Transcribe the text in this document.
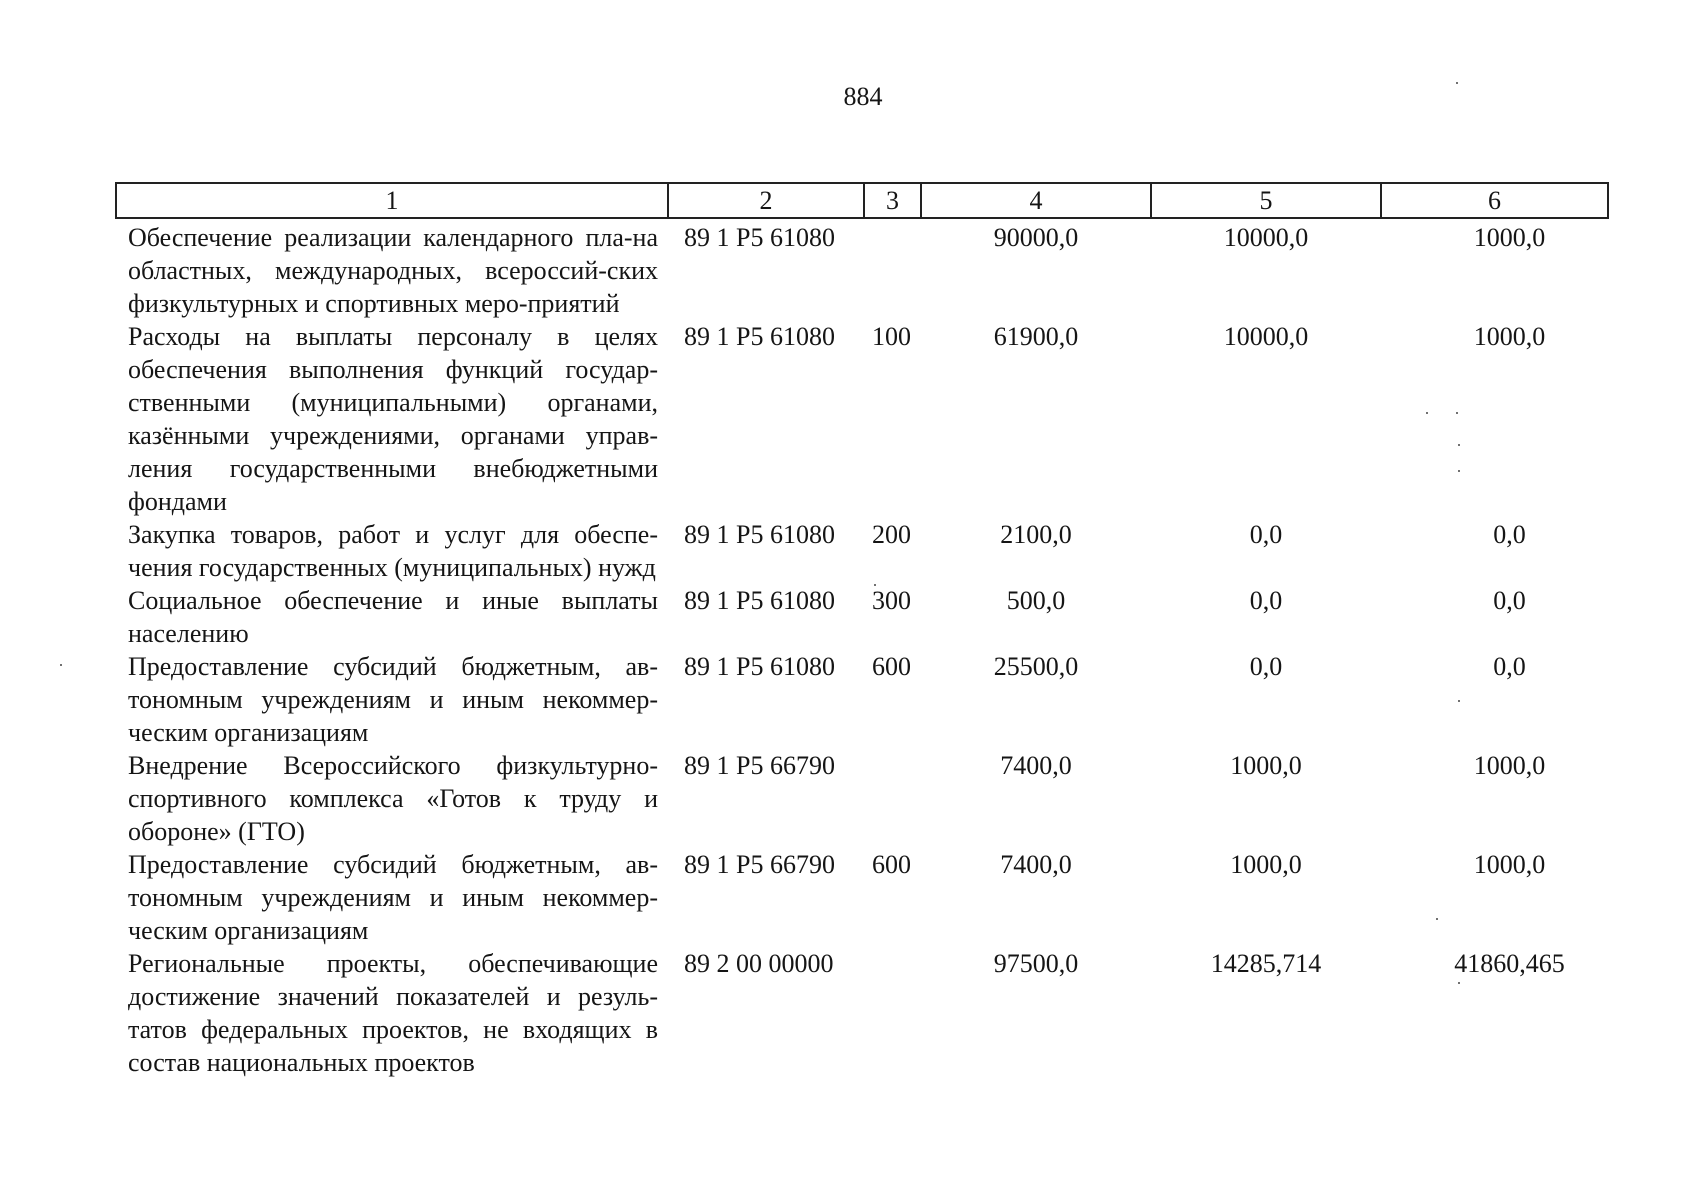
884
1	2	3	4	5	6
Обеспечение реализации календарного пла-на областных, международных, всероссий-ских физкультурных и спортивных меро-приятий	89 1 P5 61080		90000,0	10000,0	1000,0
Расходы на выплаты персоналу в целях обеспечения выполнения функций государ-ственными (муниципальными) органами, казёнными учреждениями, органами управ-ления государственными внебюджетными фондами	89 1 P5 61080	100	61900,0	10000,0	1000,0
Закупка товаров, работ и услуг для обеспе-чения государственных (муниципальных) нужд	89 1 P5 61080	200	2100,0	0,0	0,0
Социальное обеспечение и иные выплаты населению	89 1 P5 61080	300	500,0	0,0	0,0
Предоставление субсидий бюджетным, ав-тономным учреждениям и иным некоммер-ческим организациям	89 1 P5 61080	600	25500,0	0,0	0,0
Внедрение Всероссийского физкультурно-спортивного комплекса «Готов к труду и обороне» (ГТО)	89 1 P5 66790		7400,0	1000,0	1000,0
Предоставление субсидий бюджетным, ав-тономным учреждениям и иным некоммер-ческим организациям	89 1 P5 66790	600	7400,0	1000,0	1000,0
Региональные проекты, обеспечивающие достижение значений показателей и резуль-татов федеральных проектов, не входящих в состав национальных проектов	89 2 00 00000		97500,0	14285,714	41860,465
